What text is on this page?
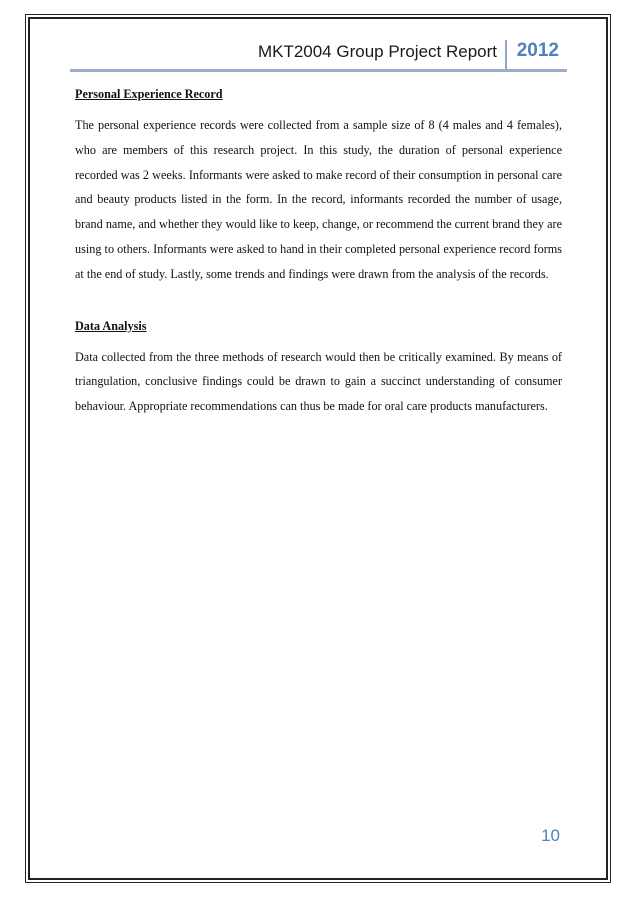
MKT2004 Group Project Report 2012

Personal Experience Record

The personal experience records were collected from a sample size of 8 (4 males and 4 females), who are members of this research project. In this study, the duration of personal experience recorded was 2 weeks. Informants were asked to make record of their consumption in personal care and beauty products listed in the form. In the record, informants recorded the number of usage, brand name, and whether they would like to keep, change, or recommend the current brand they are using to others. Informants were asked to hand in their completed personal experience record forms at the end of study. Lastly, some trends and findings were drawn from the analysis of the records.

Data Analysis

Data collected from the three methods of research would then be critically examined. By means of triangulation, conclusive findings could be drawn to gain a succinct understanding of consumer behaviour. Appropriate recommendations can thus be made for oral care products manufacturers.

10
